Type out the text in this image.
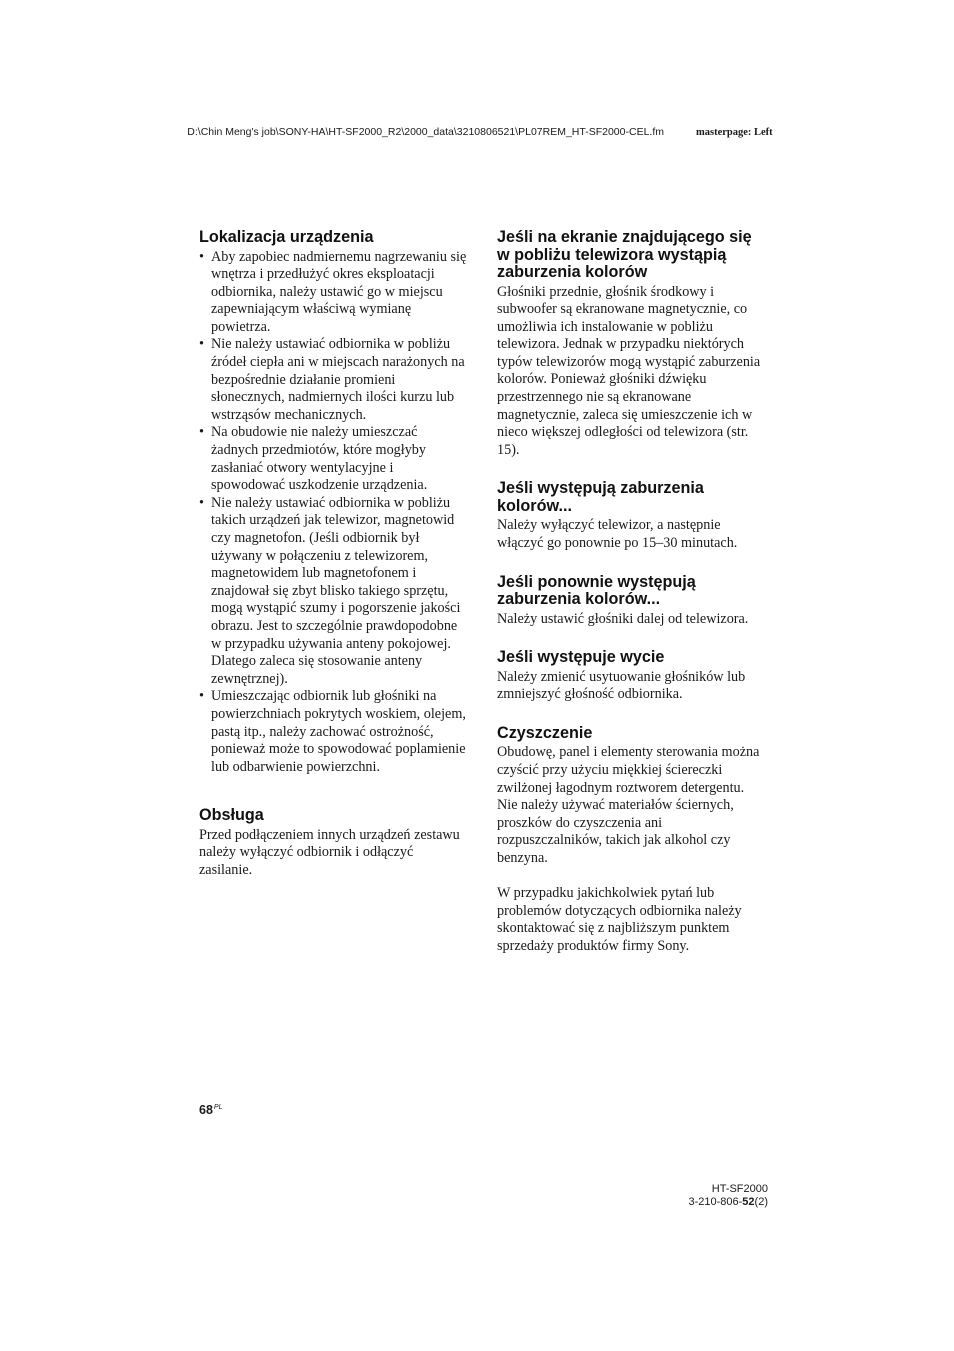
D:\Chin Meng's job\SONY-HA\HT-SF2000_R2\2000_data\3210806521\PL07REM_HT-SF2000-CEL.fm	masterpage: Left
Lokalizacja urządzenia
• Aby zapobiec nadmiernemu nagrzewaniu się wnętrza i przedłużyć okres eksploatacji odbiornika, należy ustawić go w miejscu zapewniającym właściwą wymianę powietrza.
• Nie należy ustawiać odbiornika w pobliżu źródeł ciepła ani w miejscach narażonych na bezpośrednie działanie promieni słonecznych, nadmiernych ilości kurzu lub wstrząsów mechanicznych.
• Na obudowie nie należy umieszczać żadnych przedmiotów, które mogłyby zasłaniać otwory wentylacyjne i spowodować uszkodzenie urządzenia.
• Nie należy ustawiać odbiornika w pobliżu takich urządzeń jak telewizor, magnetowid czy magnetofon. (Jeśli odbiornik był używany w połączeniu z telewizorem, magnetowidem lub magnetofonem i znajdował się zbyt blisko takiego sprzętu, mogą wystąpić szumy i pogorszenie jakości obrazu. Jest to szczególnie prawdopodobne w przypadku używania anteny pokojowej. Dlatego zaleca się stosowanie anteny zewnętrznej).
• Umieszczając odbiornik lub głośniki na powierzchniach pokrytych woskiem, olejem, pastą itp., należy zachować ostrożność, ponieważ może to spowodować poplamienie lub odbarwienie powierzchni.
Obsługa

Przed podłączeniem innych urządzeń zestawu należy wyłączyć odbiornik i odłączyć zasilanie.

Jeśli na ekranie znajdującego się w pobliżu telewizora wystąpią zaburzenia kolorów

Głośniki przednie, głośnik środkowy i subwoofer są ekranowane magnetycznie, co umożliwia ich instalowanie w pobliżu telewizora. Jednak w przypadku niektórych typów telewizorów mogą wystąpić zaburzenia kolorów. Ponieważ głośniki dźwięku przestrzennego nie są ekranowane magnetycznie, zaleca się umieszczenie ich w nieco większej odległości od telewizora (str. 15).

Jeśli występują zaburzenia kolorów...

Należy wyłączyć telewizor, a następnie włączyć go ponownie po 15–30 minutach.

Jeśli ponownie występują zaburzenia kolorów...

Należy ustawić głośniki dalej od telewizora.

Jeśli występuje wycie

Należy zmienić usytuowanie głośników lub zmniejszyć głośność odbiornika.

Czyszczenie

Obudowę, panel i elementy sterowania można czyścić przy użyciu miękkiej ściereczki zwilżonej łagodnym roztworem detergentu. Nie należy używać materiałów ściernych, proszków do czyszczenia ani rozpuszczalników, takich jak alkohol czy benzyna.

W przypadku jakichkolwiek pytań lub problemów dotyczących odbiornika należy skontaktować się z najbliższym punktem sprzedaży produktów firmy Sony.

$68^{PL}$
HT-SF2000
3-210-806-52(2)
